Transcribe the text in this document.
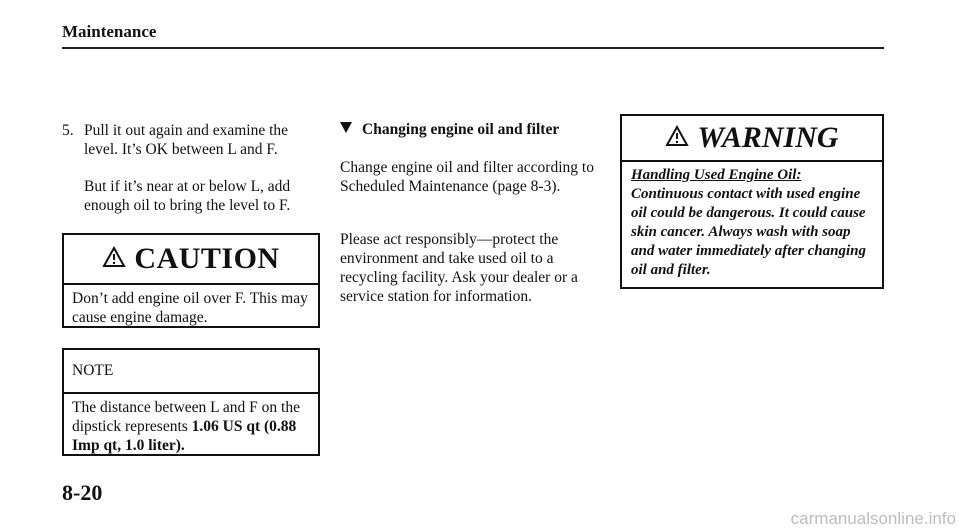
Maintenance
5. Pull it out again and examine the level. It’s OK between L and F.
But if it’s near at or below L, add enough oil to bring the level to F.
CAUTION
Don’t add engine oil over F. This may cause engine damage.
NOTE
The distance between L and F on the dipstick represents 1.06 US qt (0.88 Imp qt, 1.0 liter).
8-20
Changing engine oil and filter
Change engine oil and filter according to Scheduled Maintenance (page 8-3).
Please act responsibly—protect the environment and take used oil to a recycling facility. Ask your dealer or a service station for information.
WARNING
Handling Used Engine Oil:
Continuous contact with used engine oil could be dangerous. It could cause skin cancer. Always wash with soap and water immediately after changing oil and filter.
carmanualsonline.info
